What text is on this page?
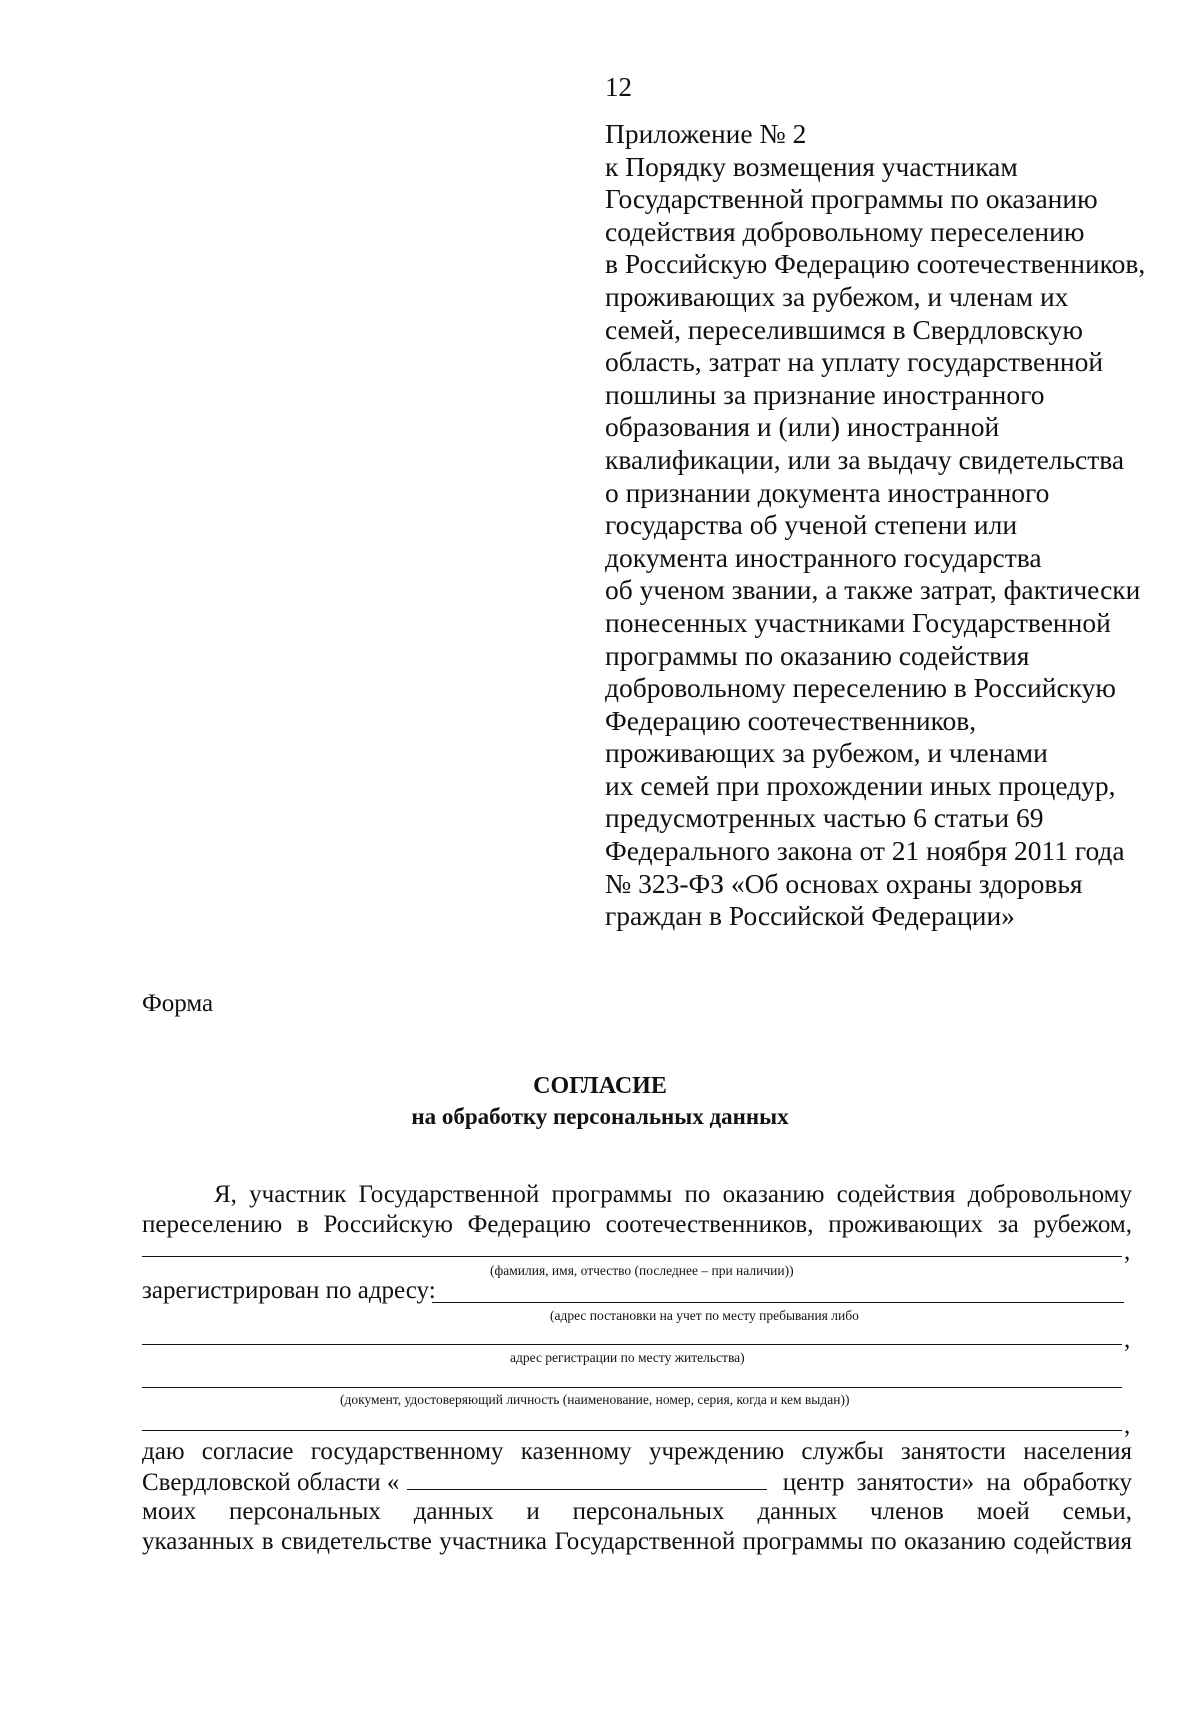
12
Приложение № 2
к Порядку возмещения участникам
Государственной программы по оказанию
содействия добровольному переселению
в Российскую Федерацию соотечественников,
проживающих за рубежом, и членам их
семей, переселившимся в Свердловскую
область, затрат на уплату государственной
пошлины за признание иностранного
образования и (или) иностранной
квалификации, или за выдачу свидетельства
о признании документа иностранного
государства об ученой степени или
документа иностранного государства
об ученом звании, а также затрат, фактически
понесенных участниками Государственной
программы по оказанию содействия
добровольному переселению в Российскую
Федерацию соотечественников,
проживающих за рубежом, и членами
их семей при прохождении иных процедур,
предусмотренных частью 6 статьи 69
Федерального закона от 21 ноября 2011 года
№ 323-ФЗ «Об основах охраны здоровья
граждан в Российской Федерации»
Форма
СОГЛАСИЕ
на обработку персональных данных
Я, участник Государственной программы по оказанию содействия добровольному
переселению в Российскую Федерацию соотечественников, проживающих за рубежом,
,
(фамилия, имя, отчество (последнее – при наличии))
зарегистрирован по адресу:
(адрес постановки на учет по месту пребывания либо
,
адрес регистрации по месту жительства)
(документ, удостоверяющий личность (наименование, номер, серия, когда и кем выдан))
,
даю согласие государственному казенному учреждению службы занятости населения
Свердловской области «	центр занятости» на обработку
моих персональных данных и персональных данных членов моей семьи,
указанных в свидетельстве участника Государственной программы по оказанию содействия
